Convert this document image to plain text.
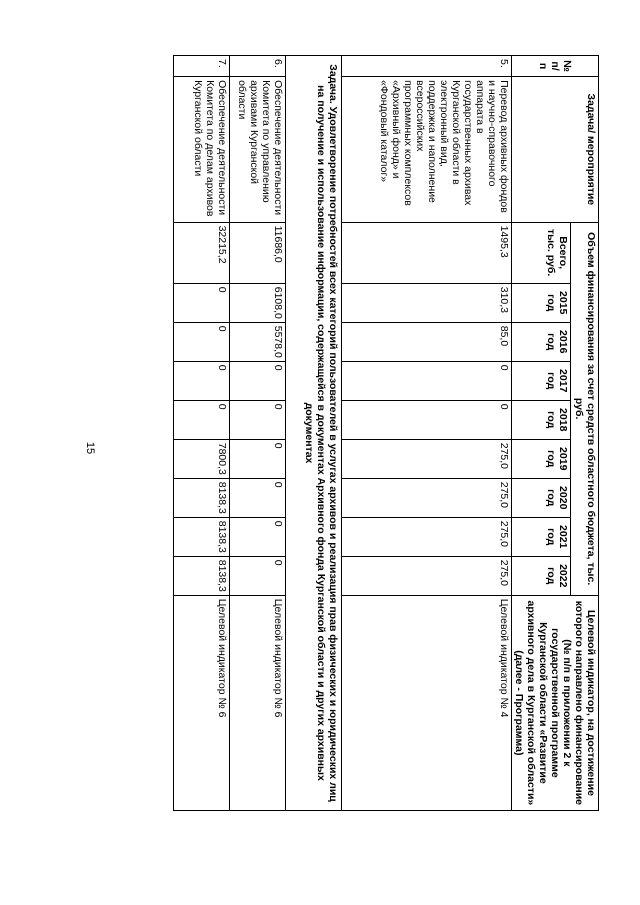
15
№ п/п	Задача/ мероприятие	Объем финансирования за счет средств областного бюджета, тыс. руб.									Целевой индикатор, на достижение которого направлено финансирование (№ п/п в приложении 2 к государственной программе Курганской области «Развитие архивного дела в Курганской области» (далее - Программа)
		Всего, тыс. руб.	2015 год	2016 год	2017 год	2018 год	2019 год	2020 год	2021 год	2022 год	
5.	Перевод архивных фондов и научно-справочного аппарата в государственных архивах Курганской области в электронный вид, поддержка и наполнение всероссийских программных комплексов «Архивный фонд» и «Фондовый каталог»	1495,3	310,3	85,0	0	0	275,0	275,0	275,0	275,0	Целевой индикатор № 4
Задача. Удовлетворение потребностей всех категорий пользователей в услугах архивов и реализация прав физических и юридических лиц на получение и использование информации, содержащейся в документах Архивного фонда Курганской области и других архивных документах											
6.	Обеспечение деятельности Комитета по управлению архивами Курганской области	11686,0	6108,0	5578,0	0	0	0	0	0	0	Целевой индикатор № 6
7.	Обеспечение деятельности Комитета по делам архивов Курганской области	32215,2	0	0	0	0	7800,3	8138,3	8138,3	8138,3	Целевой индикатор № 6
